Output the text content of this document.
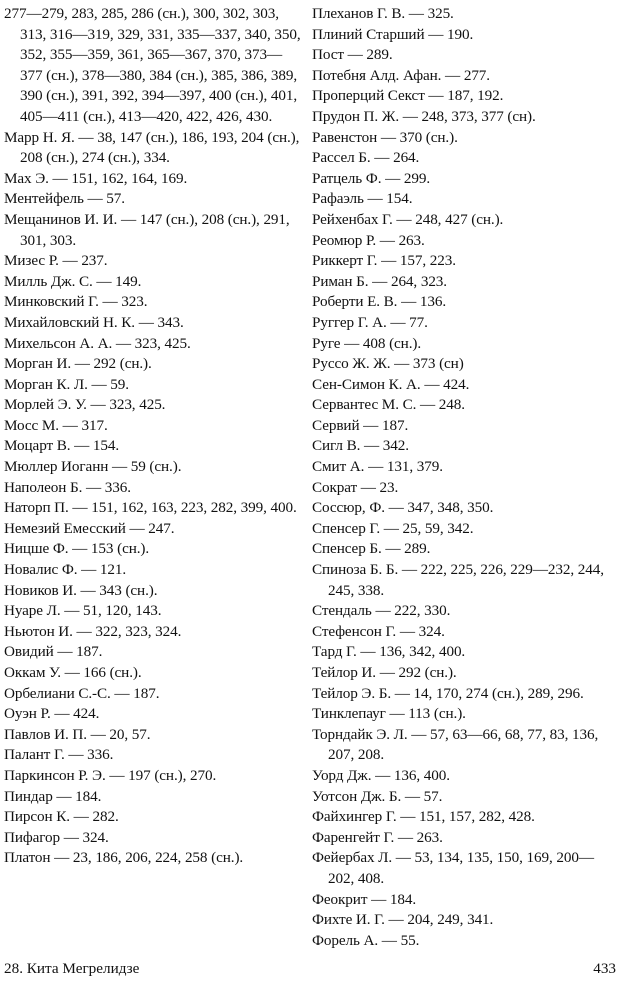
277—279, 283, 285, 286 (сн.), 300, 302, 303, 313, 316—319, 329, 331, 335—337, 340, 350, 352, 355—359, 361, 365—367, 370, 373—377 (сн.), 378—380, 384 (сн.), 385, 386, 389, 390 (сн.), 391, 392, 394—397, 400 (сн.), 401, 405—411 (сн.), 413—420, 422, 426, 430.
Марр Н. Я. — 38, 147 (сн.), 186, 193, 204 (сн.), 208 (сн.), 274 (сн.), 334.
Мах Э. — 151, 162, 164, 169.
Ментейфель — 57.
Мещанинов И. И. — 147 (сн.), 208 (сн.), 291, 301, 303.
Мизес Р. — 237.
Милль Дж. С. — 149.
Минковский Г. — 323.
Михайловский Н. К. — 343.
Михельсон А. А. — 323, 425.
Морган И. — 292 (сн.).
Морган К. Л. — 59.
Морлей Э. У. — 323, 425.
Мосс М. — 317.
Моцарт В. — 154.
Мюллер Иоганн — 59 (сн.).
Наполеон Б. — 336.
Наторп П. — 151, 162, 163, 223, 282, 399, 400.
Немезий Емесский — 247.
Ницше Ф. — 153 (сн.).
Новалис Ф. — 121.
Новиков И. — 343 (сн.).
Нуаре Л. — 51, 120, 143.
Ньютон И. — 322, 323, 324.
Овидий — 187.
Оккам У. — 166 (сн.).
Орбелиани С.-С. — 187.
Оуэн Р. — 424.
Павлов И. П. — 20, 57.
Палант Г. — 336.
Паркинсон Р. Э. — 197 (сн.), 270.
Пиндар — 184.
Пирсон К. — 282.
Пифагор — 324.
Платон — 23, 186, 206, 224, 258 (сн.).
Плеханов Г. В. — 325.
Плиний Старший — 190.
Пост — 289.
Потебня Алд. Афан. — 277.
Проперций Секст — 187, 192.
Прудон П. Ж. — 248, 373, 377 (сн).
Равенстон — 370 (сн.).
Рассел Б. — 264.
Ратцель Ф. — 299.
Рафаэль — 154.
Рейхенбах Г. — 248, 427 (сн.).
Реомюр Р. — 263.
Риккерт Г. — 157, 223.
Риман Б. — 264, 323.
Роберти Е. В. — 136.
Руггер Г. А. — 77.
Руге — 408 (сн.).
Руссо Ж. Ж. — 373 (сн)
Сен-Симон К. А. — 424.
Сервантес М. С. — 248.
Сервий — 187.
Сигл В. — 342.
Смит А. — 131, 379.
Сократ — 23.
Соссюр, Ф. — 347, 348, 350.
Спенсер Г. — 25, 59, 342.
Спенсер Б. — 289.
Спиноза Б. Б. — 222, 225, 226, 229—232, 244, 245, 338.
Стендаль — 222, 330.
Стефенсон Г. — 324.
Тард Г. — 136, 342, 400.
Тейлор И. — 292 (сн.).
Тейлор Э. Б. — 14, 170, 274 (сн.), 289, 296.
Тинклепауг — 113 (сн.).
Торндайк Э. Л. — 57, 63—66, 68, 77, 83, 136, 207, 208.
Уорд Дж. — 136, 400.
Уотсон Дж. Б. — 57.
Файхингер Г. — 151, 157, 282, 428.
Фаренгейт Г. — 263.
Фейербах Л. — 53, 134, 135, 150, 169, 200—202, 408.
Феокрит — 184.
Фихте И. Г. — 204, 249, 341.
Форель А. — 55.
28. Кита Мегрелидзе	433
